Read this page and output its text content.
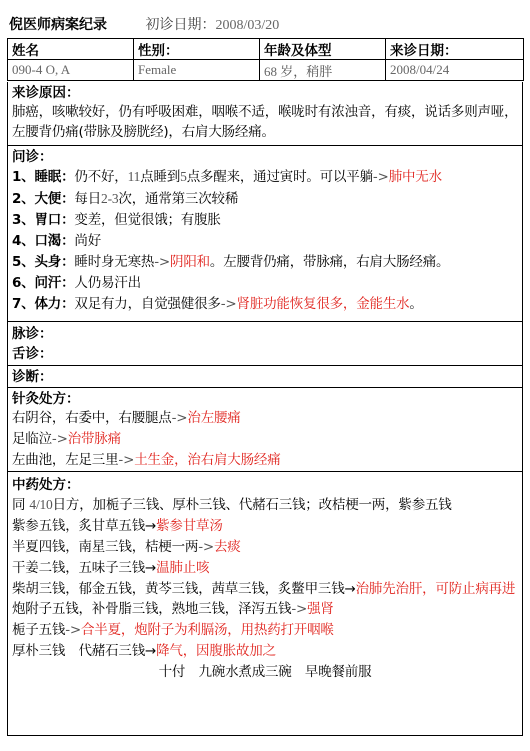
倪医师病案纪录	初诊日期：2008/03/20
姓名	性别：	年龄及体型	来诊日期：
090-4 O, A	Female	68 岁，稍胖	2008/04/24
来诊原因：
肺癌，咳嗽较好，仍有呼吸困难，咽喉不适，喉咙时有浓浊音，有痰，说话多则声哑，左腰背仍痛(带脉及膀胱经)，右肩大肠经痛。
问诊：
1、睡眠：仍不好，11点睡到5点多醒来，通过寅时。可以平躺->肺中无水
2、大便：每日2-3次，通常第三次较稀
3、胃口：变差，但觉很饿；有腹胀
4、口渴：尚好
5、头身：睡时身无寒热->阴阳和。左腰背仍痛，带脉痛，右肩大肠经痛。
6、问汗：人仍易汗出
7、体力：双足有力，自觉强健很多->肾脏功能恢复很多，金能生水。
脉诊：
舌诊：
诊断：
针灸处方：
右阴谷，右委中，右腰腿点->治左腰痛
足临泣->治带脉痛
左曲池，左足三里->土生金，治右肩大肠经痛
中药处方：
同 4/10日方，加栀子三钱、厚朴三钱、代赭石三钱；改桔梗一两，紫参五钱
紫参五钱，炙甘草五钱→紫参甘草汤
半夏四钱，南星三钱，桔梗一两->去痰
干姜二钱，五味子三钱→温肺止咳
柴胡三钱，郁金五钱，黄芩三钱，茜草三钱，炙鳖甲三钱→治肺先治肝，可防止病再进
炮附子五钱，补骨脂三钱，熟地三钱，泽泻五钱->强肾
栀子五钱->合半夏，炮附子为利膈汤，用热药打开咽喉
厚朴三钱　代赭石三钱→降气，因腹胀故加之
十付　九碗水煮成三碗　早晚餐前服
